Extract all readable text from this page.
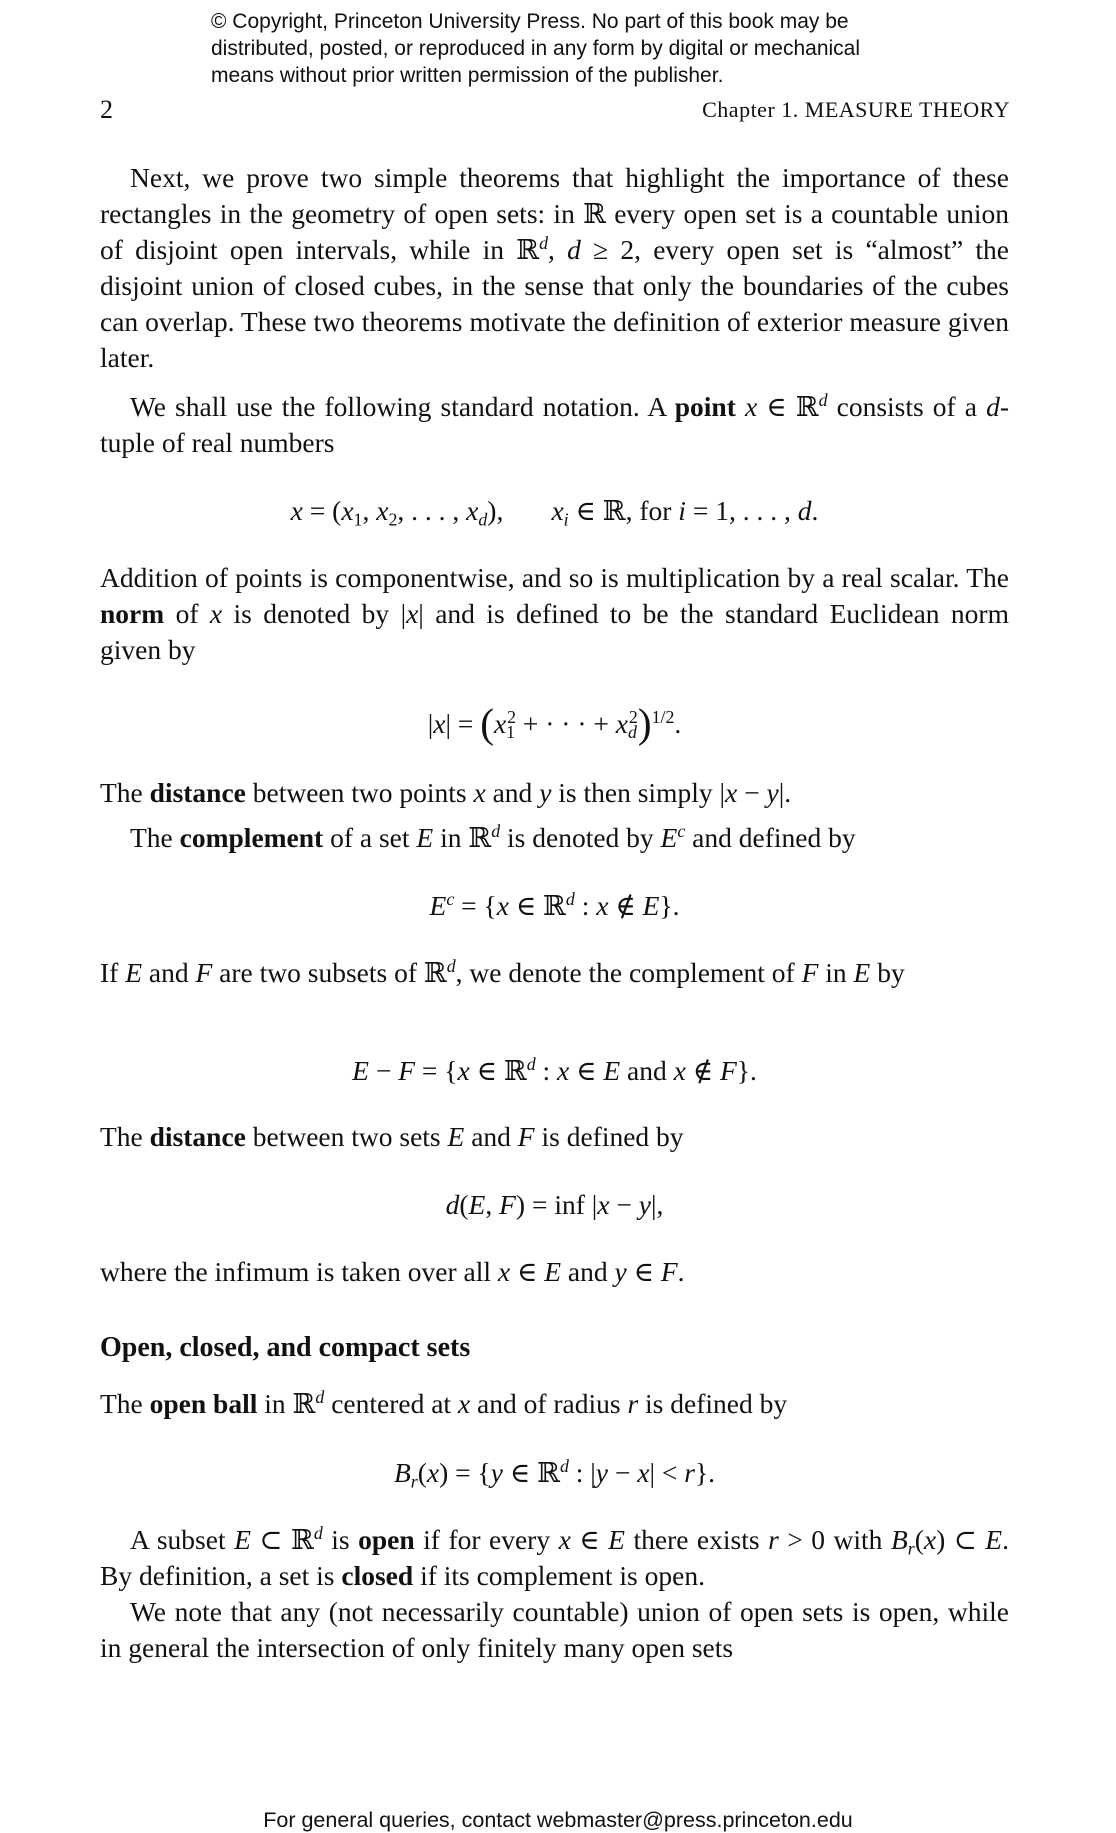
© Copyright, Princeton University Press. No part of this book may be
distributed, posted, or reproduced in any form by digital or mechanical
means without prior written permission of the publisher.
2	Chapter 1. MEASURE THEORY
Next, we prove two simple theorems that highlight the importance of these rectangles in the geometry of open sets: in ℝ every open set is a countable union of disjoint open intervals, while in ℝ$^d$, d ≥ 2, every open set is “almost” the disjoint union of closed cubes, in the sense that only the boundaries of the cubes can overlap. These two theorems motivate the definition of exterior measure given later.
We shall use the following standard notation. A point x ∈ ℝ$^d$ consists of a d-tuple of real numbers
$x = (x_1$, $x_2$, . . . , $x_d$),       $x_i$ ∈ ℝ, for i = 1, . . . , d.
Addition of points is componentwise, and so is multiplication by a real scalar. The norm of x is denoted by |x| and is defined to be the standard Euclidean norm given by
$|x| = (x_1^2$ + · · · + $x_d^2)^{1/2}$.
The distance between two points x and y is then simply |x − y|.
The complement of a set E in ℝ$^d$ is denoted by $E^c$ and defined by
$E^c = \{x$ ∈ ℝ$^d$ : x ∉ E}.
If E and F are two subsets of ℝ$^d$, we denote the complement of F in E by
E − F = {x ∈ ℝ$^d$ : x ∈ E and x ∉ F}.
The distance between two sets E and F is defined by
d(E, F) = inf |x − y|,
where the infimum is taken over all x ∈ E and y ∈ F.
Open, closed, and compact sets
The open ball in ℝ$^d$ centered at x and of radius r is defined by
$B_r(x) = \{y$ ∈ ℝ$^d$ : |y − x| < r}.
A subset E ⊂ ℝ$^d$ is open if for every x ∈ E there exists r > 0 with $B_r(x)$ ⊂ E. By definition, a set is closed if its complement is open.
We note that any (not necessarily countable) union of open sets is open, while in general the intersection of only finitely many open sets
For general queries, contact webmaster@press.princeton.edu
